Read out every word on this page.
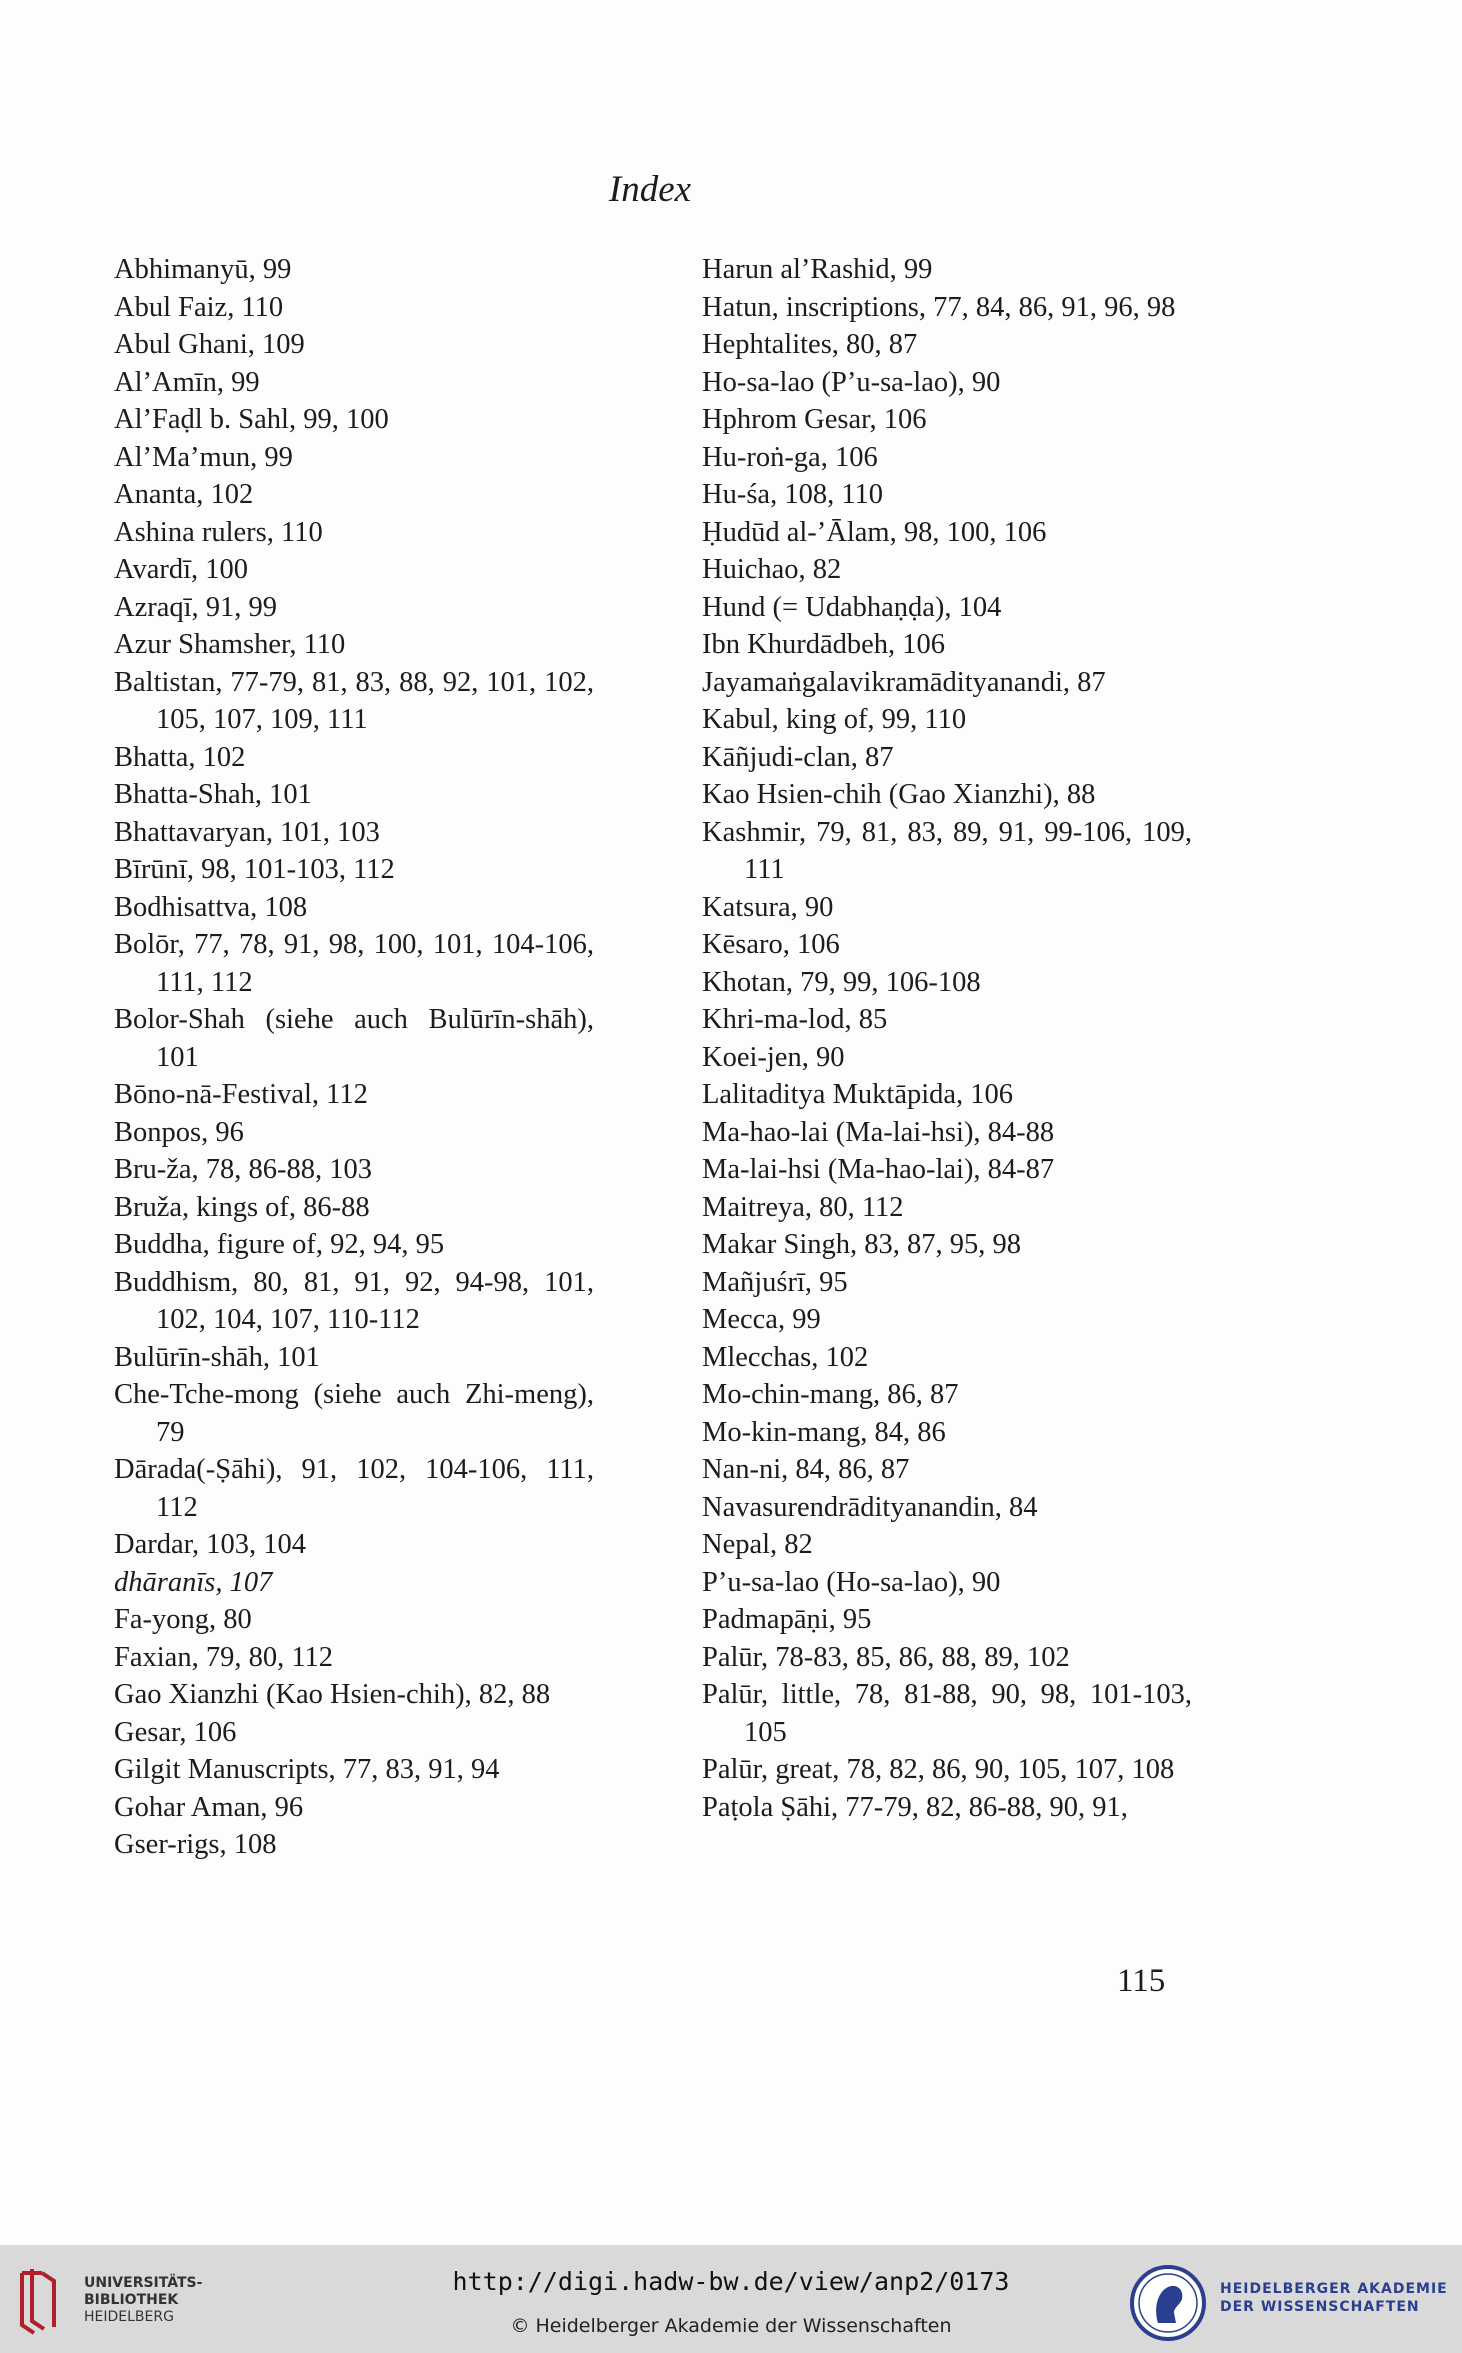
Index

Abhimanyū, 99

Abul Faiz, 110

Abul Ghani, 109

Al’Amīn, 99

Al’Faḍl b. Sahl, 99, 100

Al’Ma’mun, 99

Ananta, 102

Ashina rulers, 110

Avardī, 100

Azraqī, 91, 99

Azur Shamsher, 110

Baltistan, 77-79, 81, 83, 88, 92, 101, 102, 105, 107, 109, 111

Bhatta, 102

Bhatta-Shah, 101

Bhattavaryan, 101, 103

Bīrūnī, 98, 101-103, 112

Bodhisattva, 108

Bolōr, 77, 78, 91, 98, 100, 101, 104-106, 111, 112

Bolor-Shah (siehe auch Bulūrīn-shāh), 101

Bōno-nā-Festival, 112

Bonpos, 96

Bru-ža, 78, 86-88, 103

Bruža, kings of, 86-88

Buddha, figure of, 92, 94, 95

Buddhism, 80, 81, 91, 92, 94-98, 101, 102, 104, 107, 110-112

Bulūrīn-shāh, 101

Che-Tche-mong (siehe auch Zhi-meng), 79

Dārada(-Ṣāhi), 91, 102, 104-106, 111, 112

Dardar, 103, 104

dhāranīs, 107

Fa-yong, 80

Faxian, 79, 80, 112

Gao Xianzhi (Kao Hsien-chih), 82, 88

Gesar, 106

Gilgit Manuscripts, 77, 83, 91, 94

Gohar Aman, 96

Gser-rigs, 108

Harun al’Rashid, 99

Hatun, inscriptions, 77, 84, 86, 91, 96, 98

Hephtalites, 80, 87

Ho-sa-lao (P’u-sa-lao), 90

Hphrom Gesar, 106

Hu-roṅ-ga, 106

Hu-śa, 108, 110

Ḥudūd al-’Ālam, 98, 100, 106

Huichao, 82

Hund (= Udabhaṇḍa), 104

Ibn Khurdādbeh, 106

Jayamaṅgalavikramādityanandi, 87

Kabul, king of, 99, 110

Kāñjudi-clan, 87

Kao Hsien-chih (Gao Xianzhi), 88

Kashmir, 79, 81, 83, 89, 91, 99-106, 109, 111

Katsura, 90

Kēsaro, 106

Khotan, 79, 99, 106-108

Khri-ma-lod, 85

Koei-jen, 90

Lalitaditya Muktāpida, 106

Ma-hao-lai (Ma-lai-hsi), 84-88

Ma-lai-hsi (Ma-hao-lai), 84-87

Maitreya, 80, 112

Makar Singh, 83, 87, 95, 98

Mañjuśrī, 95

Mecca, 99

Mlecchas, 102

Mo-chin-mang, 86, 87

Mo-kin-mang, 84, 86

Nan-ni, 84, 86, 87

Navasurendrādityanandin, 84

Nepal, 82

P’u-sa-lao (Ho-sa-lao), 90

Padmapāṇi, 95

Palūr, 78-83, 85, 86, 88, 89, 102

Palūr, little, 78, 81-88, 90, 98, 101-103, 105

Palūr, great, 78, 82, 86, 90, 105, 107, 108

Paṭola Ṣāhi, 77-79, 82, 86-88, 90, 91,

115
UNIVERSITÄTS-
BIBLIOTHEK
HEIDELBERG
http://digi.hadw-bw.de/view/anp2/0173
© Heidelberger Akademie der Wissenschaften
HEIDELBERGER AKADEMIE
DER WISSENSCHAFTEN
